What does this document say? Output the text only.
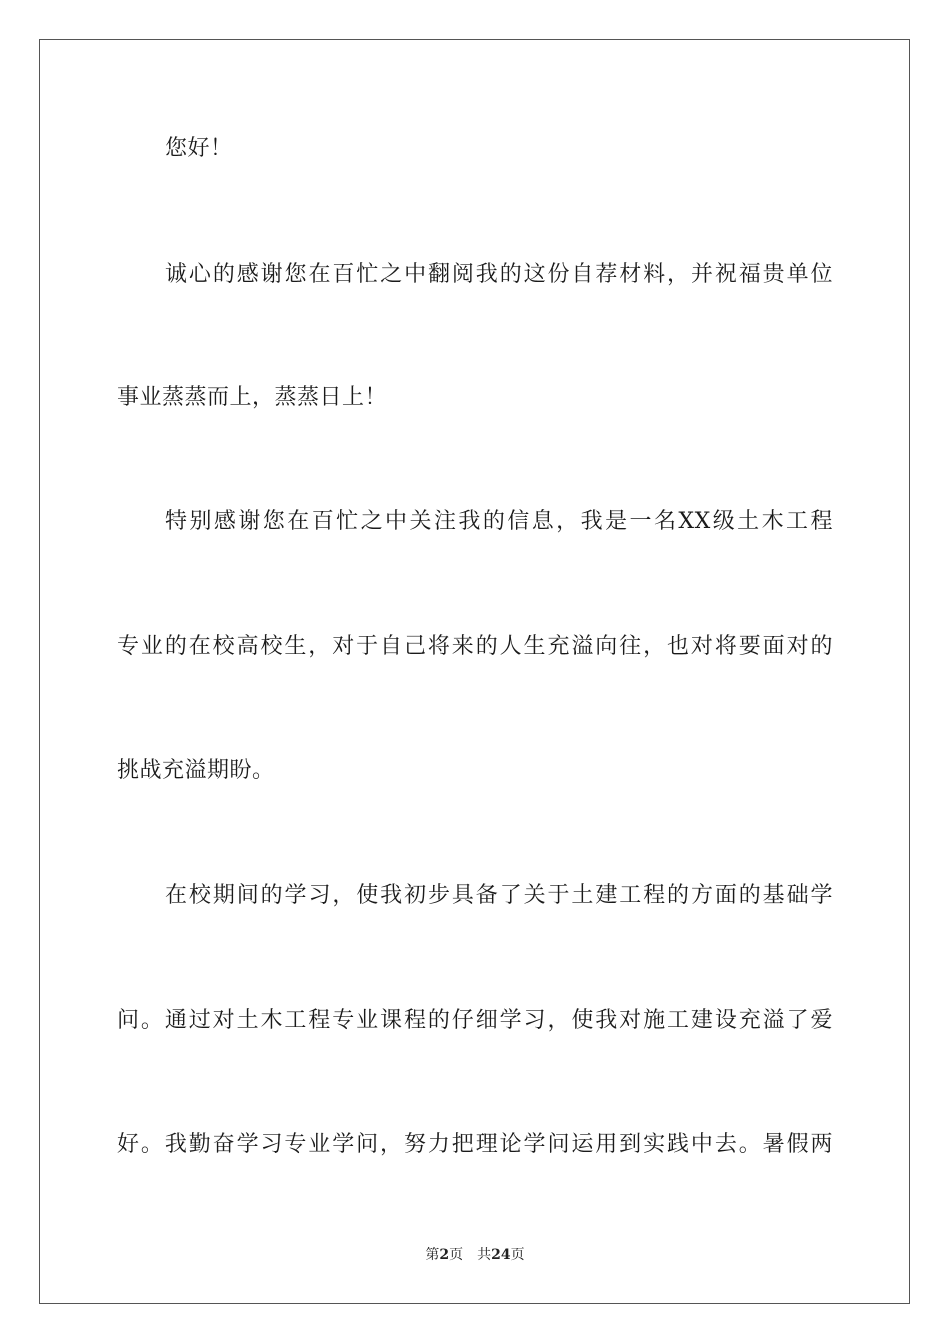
您好！
诚心的感谢您在百忙之中翻阅我的这份自荐材料，并祝福贵单位
事业蒸蒸而上，蒸蒸日上！
特别感谢您在百忙之中关注我的信息，我是一名XX级土木工程
专业的在校高校生，对于自己将来的人生充溢向往，也对将要面对的
挑战充溢期盼。
在校期间的学习，使我初步具备了关于土建工程的方面的基础学
问。通过对土木工程专业课程的仔细学习，使我对施工建设充溢了爱
好。我勤奋学习专业学问，努力把理论学问运用到实践中去。暑假两
第2页 共24页
